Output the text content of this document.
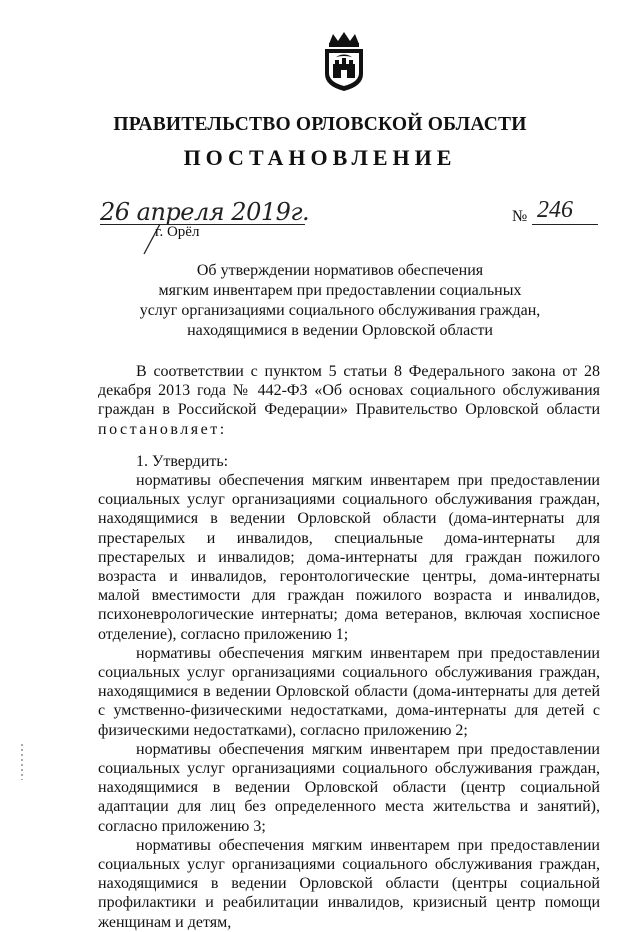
ПРАВИТЕЛЬСТВО ОРЛОВСКОЙ ОБЛАСТИ
ПОСТАНОВЛЕНИЕ
26 апреля 2019г.	№ 246
г. Орёл
Об утверждении нормативов обеспечения
мягким инвентарем при предоставлении социальных
услуг организациями социального обслуживания граждан,
находящимися в ведении Орловской области

В соответствии с пунктом 5 статьи 8 Федерального закона от 28 декабря 2013 года № 442-ФЗ «Об основах социального обслуживания граждан в Российской Федерации» Правительство Орловской области постановляет:

1. Утвердить:

нормативы обеспечения мягким инвентарем при предоставлении социальных услуг организациями социального обслуживания граждан, находящимися в ведении Орловской области (дома-интернаты для престарелых и инвалидов, специальные дома-интернаты для престарелых и инвалидов; дома-интернаты для граждан пожилого возраста и инвалидов, геронтологические центры, дома-интернаты малой вместимости для граждан пожилого возраста и инвалидов, психоневрологические интернаты; дома ветеранов, включая хосписное отделение), согласно приложению 1;

нормативы обеспечения мягким инвентарем при предоставлении социальных услуг организациями социального обслуживания граждан, находящимися в ведении Орловской области (дома-интернаты для детей с умственно-физическими недостатками, дома-интернаты для детей с физическими недостатками), согласно приложению 2;

нормативы обеспечения мягким инвентарем при предоставлении социальных услуг организациями социального обслуживания граждан, находящимися в ведении Орловской области (центр социальной адаптации для лиц без определенного места жительства и занятий), согласно приложению 3;

нормативы обеспечения мягким инвентарем при предоставлении социальных услуг организациями социального обслуживания граждан, находящимися в ведении Орловской области (центры социальной профилактики и реабилитации инвалидов, кризисный центр помощи женщинам и детям,
